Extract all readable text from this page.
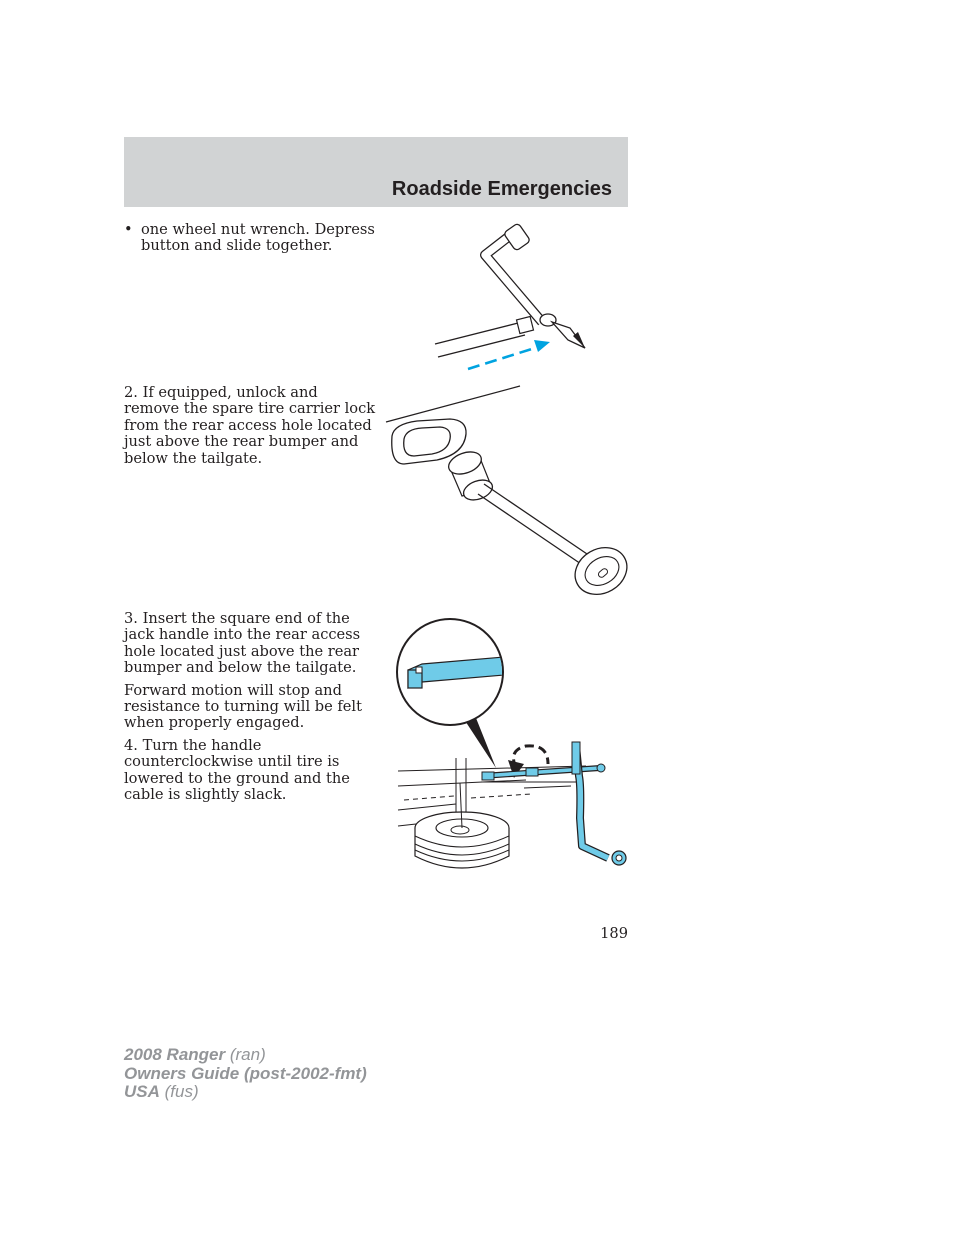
Roadside Emergencies
• one wheel nut wrench. Depress button and slide together.

2. If equipped, unlock and remove the spare tire carrier lock from the rear access hole located just above the rear bumper and below the tailgate.

3. Insert the square end of the jack handle into the rear access hole located just above the rear bumper and below the tailgate.

Forward motion will stop and resistance to turning will be felt when properly engaged.

4. Turn the handle counterclockwise until tire is lowered to the ground and the cable is slightly slack.

189
2008 Ranger (ran)
Owners Guide (post-2002-fmt)
USA (fus)
